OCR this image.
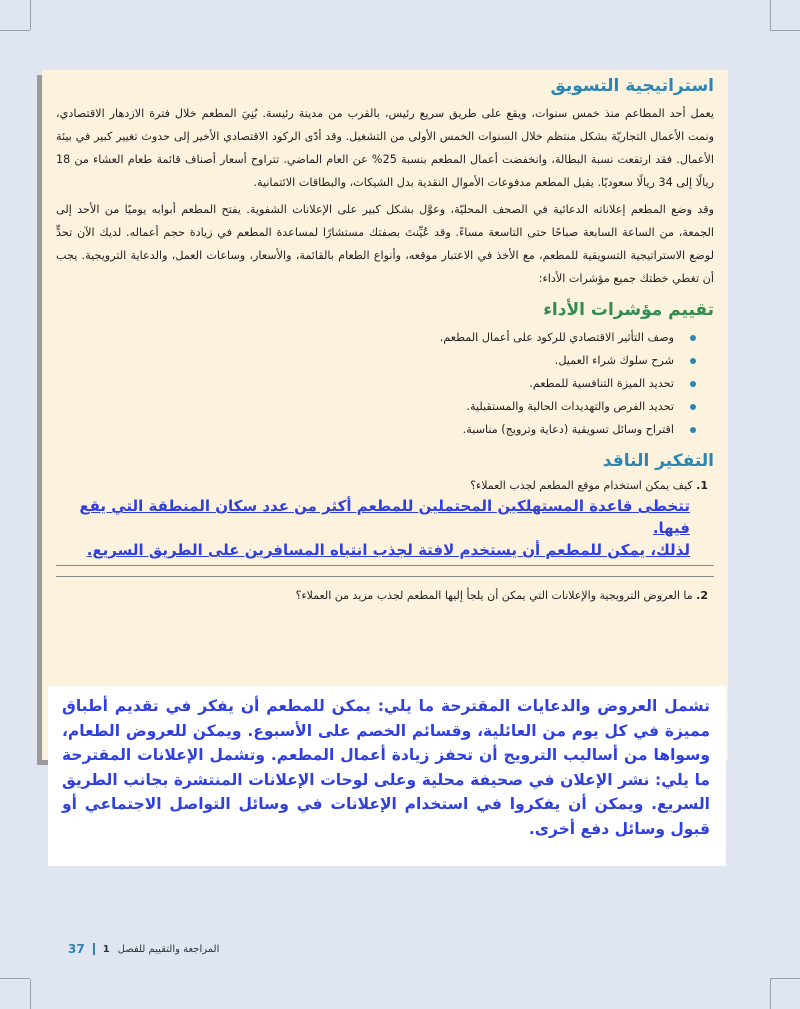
استراتيجية التسويق

يعمل أحد المطاعم منذ خمس سنوات، ويقع على طريق سريع رئيس، بالقرب من مدينة رئيسة. بُنِيَ المطعم خلال فترة الازدهار الاقتصادي، ونمت الأعمال التجاريّة بشكل منتظم خلال السنوات الخمس الأولى من التشغيل. وقد أدّى الركود الاقتصادي الأخير إلى حدوث تغيير كبير في بيئة الأعمال. فقد ارتفعت نسبة البطالة، وانخفضت أعمال المطعم بنسبة 25% عن العام الماضي. تتراوح أسعار أصناف قائمة طعام العشاء من 18 ريالًا إلى 34 ريالًا سعوديًا. يقبل المطعم مدفوعات الأموال النقدية بدل الشيكات، والبطاقات الائتمانية.

وقد وضع المطعم إعلاناته الدعائية في الصحف المحليّة، وعوَّل بشكل كبير على الإعلانات الشفوية. يفتح المطعم أبوابه يوميًا من الأحد إلى الجمعة، من الساعة السابعة صباحًا حتى التاسعة مساءً. وقد عُيِّنتَ بصفتك مستشارًا لمساعدة المطعم في زيادة حجم أعماله. لديك الآن تحدٍّ لوضع الاستراتيجية التسويقية للمطعم، مع الأخذ في الاعتبار موقعه، وأنواع الطعام بالقائمة، والأسعار، وساعات العمل، والدعاية الترويجية. يجب أن تغطي خطتك جميع مؤشرات الأداء:

تقييم مؤشرات الأداء
وصف التأثير الاقتصادي للركود على أعمال المطعم.
شرح سلوك شراء العميل.
تحديد الميزة التنافسية للمطعم.
تحديد الفرص والتهديدات الحالية والمستقبلية.
اقتراح وسائل تسويقية (دعاية وترويج) مناسبة.
التفكير الناقد

1. كيف يمكن استخدام موقع المطعم لجذب العملاء؟

تتخطى قاعدة المستهلكين المحتملين للمطعم أكثر من عدد سكان المنطقة التي يقع فيها.
لذلك، يمكن للمطعم أن يستخدم لافتة لجذب انتباه المسافرين على الطريق السريع.

2. ما العروض الترويجية والإعلانات التي يمكن أن يلجأ إليها المطعم لجذب مزيد من العملاء؟

تشمل العروض والدعايات المقترحة ما يلي: يمكن للمطعم أن يفكر في تقديم أطباق مميزة في كل يوم من العائلية، وقسائم الخصم على الأسبوع. ويمكن للعروض الطعام، وسواها من أساليب الترويج أن تحفز زيادة أعمال المطعم. وتشمل الإعلانات المقترحة ما يلي: نشر الإعلان في صحيفة محلية وعلى لوحات الإعلانات المنتشرة بجانب الطريق السريع. ويمكن أن يفكروا في استخدام الإعلانات في وسائل التواصل الاجتماعي أو قبول وسائل دفع أخرى.

37 1 المراجعة والتقييم للفصل
